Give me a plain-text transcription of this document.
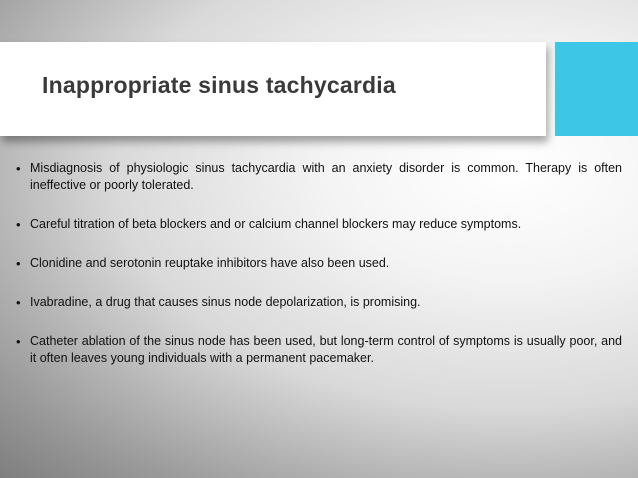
Inappropriate sinus tachycardia
• Misdiagnosis of physiologic sinus tachycardia with an anxiety disorder is common. Therapy is often ineffective or poorly tolerated.
• Careful titration of beta blockers and or calcium channel blockers may reduce symptoms.
• Clonidine and serotonin reuptake inhibitors have also been used.
• Ivabradine, a drug that causes sinus node depolarization, is promising.
• Catheter ablation of the sinus node has been used, but long-term control of symptoms is usually poor, and it often leaves young individuals with a permanent pacemaker.
